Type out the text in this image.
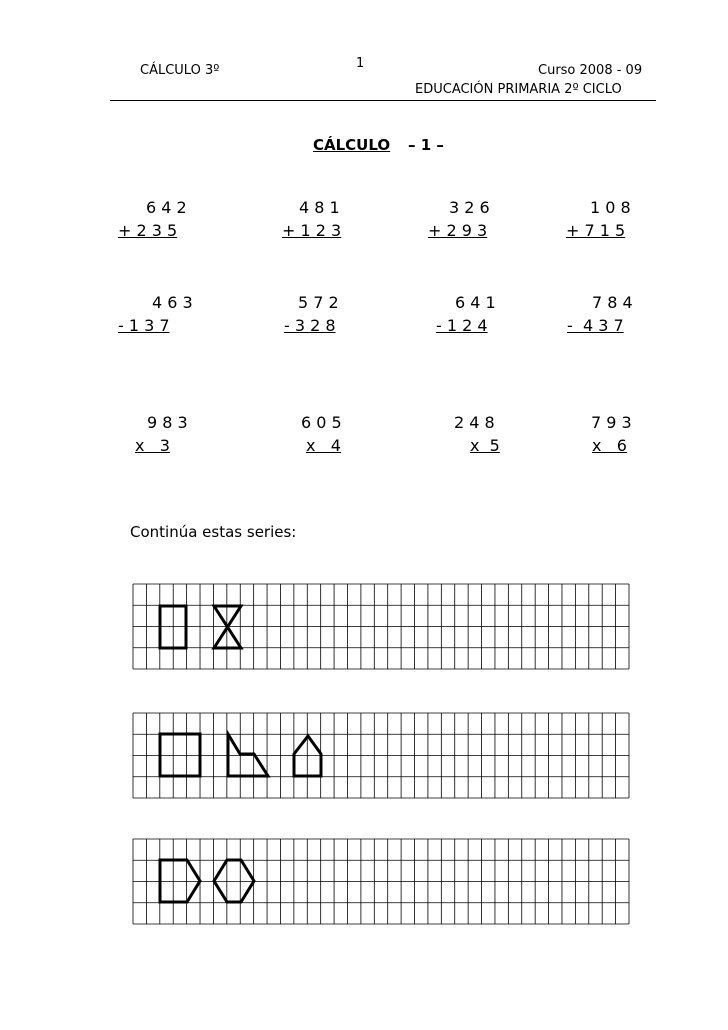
CÁLCULO 3º	1	Curso 2008 - 09
EDUCACIÓN PRIMARIA 2º CICLO
CÁLCULO – 1 –
6 4 2
+ 2 3 5
4 8 1
+ 1 2 3
3 2 6
+ 2 9 3
1 0 8
+ 7 1 5
4 6 3
- 1 3 7
5 7 2
- 3 2 8
6 4 1
- 1 2 4
7 8 4
-  4 3 7
9 8 3
x   3
6 0 5
x   4
2 4 8
x  5
7 9 3
x   6
Continúa estas series:
